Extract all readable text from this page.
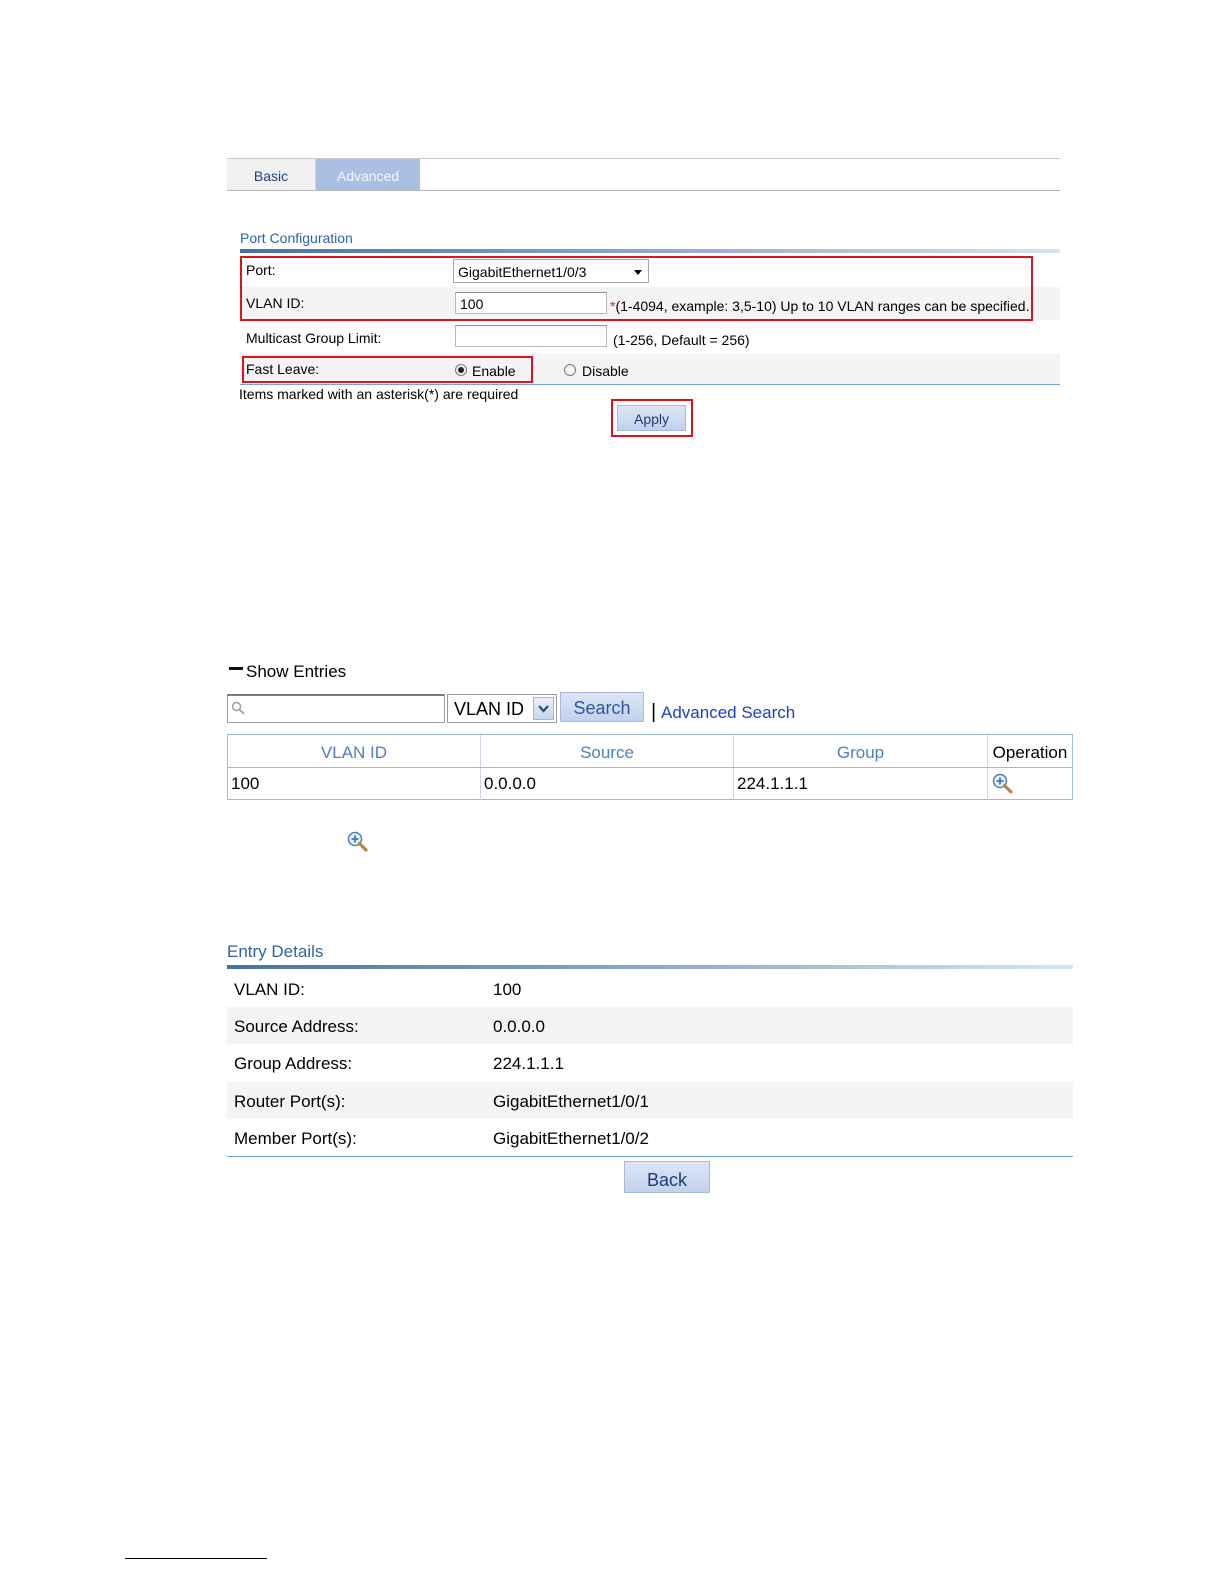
Basic	Advanced
Port Configuration
Port:	GigabitEthernet1/0/3
VLAN ID:	100	*(1-4094, example: 3,5-10) Up to 10 VLAN ranges can be specified.
Multicast Group Limit:	(1-256, Default = 256)
Fast Leave:	Enable	Disable
Items marked with an asterisk(*) are required
Apply
Show Entries
VLAN ID	Search	| Advanced Search
VLAN ID	Source	Group	Operation
100	0.0.0.0	224.1.1.1
Entry Details
VLAN ID:	100
Source Address:	0.0.0.0
Group Address:	224.1.1.1
Router Port(s):	GigabitEthernet1/0/1
Member Port(s):	GigabitEthernet1/0/2
Back
